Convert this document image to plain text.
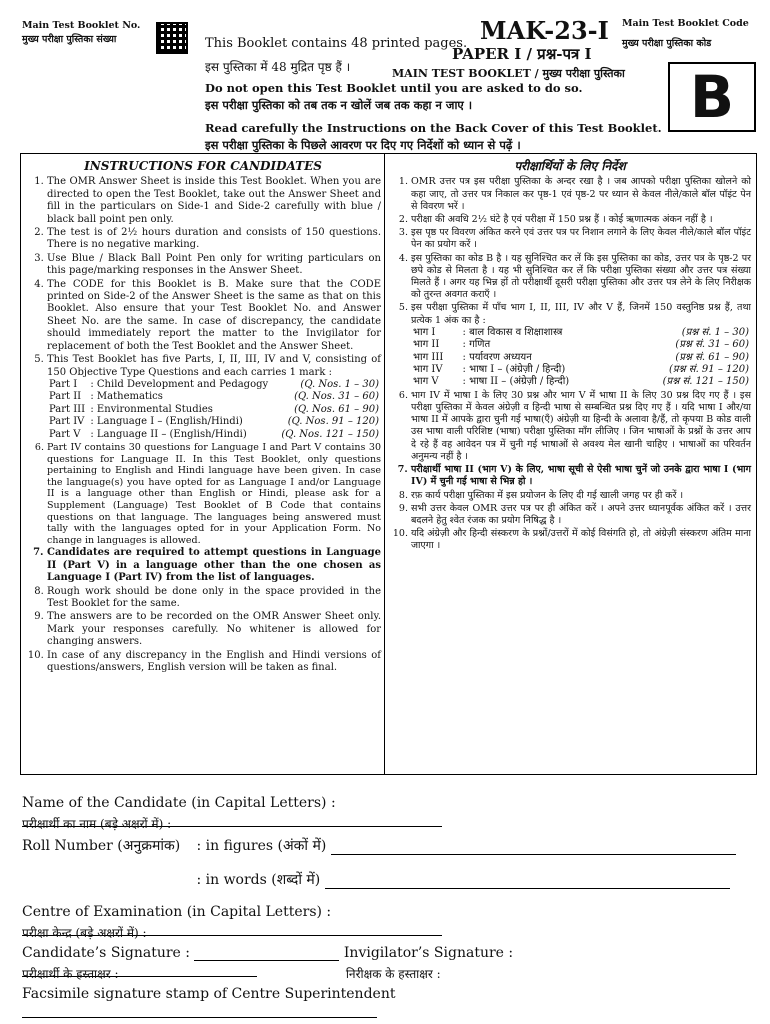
Main Test Booklet No.
मुख्य परीक्षा पुस्तिका संख्या	This Booklet contains 48 printed pages.
इस पुस्तिका में 48 मुद्रित पृष्ठ हैं ।
MAK-23-I
PAPER I / प्रश्न-पत्र I
MAIN TEST BOOKLET / मुख्य परीक्षा पुस्तिका
Main Test Booklet Code
मुख्य परीक्षा पुस्तिका कोड
B
Do not open this Test Booklet until you are asked to do so.
इस परीक्षा पुस्तिका को तब तक न खोलें जब तक कहा न जाए ।
Read carefully the Instructions on the Back Cover of this Test Booklet.
इस परीक्षा पुस्तिका के पिछले आवरण पर दिए गए निर्देशों को ध्यान से पढ़ें ।
INSTRUCTIONS FOR CANDIDATES
1. The OMR Answer Sheet is inside this Test Booklet. When you are directed to open the Test Booklet, take out the Answer Sheet and fill in the particulars on Side-1 and Side-2 carefully with blue / black ball point pen only.
2. The test is of 2½ hours duration and consists of 150 questions. There is no negative marking.
3. Use Blue / Black Ball Point Pen only for writing particulars on this page/marking responses in the Answer Sheet.
4. The CODE for this Booklet is B. Make sure that the CODE printed on Side-2 of the Answer Sheet is the same as that on this Booklet. Also ensure that your Test Booklet No. and Answer Sheet No. are the same. In case of discrepancy, the candidate should immediately report the matter to the Invigilator for replacement of both the Test Booklet and the Answer Sheet.
5. This Test Booklet has five Parts, I, II, III, IV and V, consisting of 150 Objective Type Questions and each carries 1 mark :
Part I	: Child Development and Pedagogy	(Q. Nos. 1 – 30)
Part II	: Mathematics	(Q. Nos. 31 – 60)
Part III	: Environmental Studies	(Q. Nos. 61 – 90)
Part IV	: Language I – (English/Hindi)	(Q. Nos. 91 – 120)
Part V	: Language II – (English/Hindi)	(Q. Nos. 121 – 150)
6. Part IV contains 30 questions for Language I and Part V contains 30 questions for Language II. In this Test Booklet, only questions pertaining to English and Hindi language have been given. In case the language(s) you have opted for as Language I and/or Language II is a language other than English or Hindi, please ask for a Supplement (Language) Test Booklet of B Code that contains questions on that language. The languages being answered must tally with the languages opted for in your Application Form. No change in languages is allowed.
7. Candidates are required to attempt questions in Language II (Part V) in a language other than the one chosen as Language I (Part IV) from the list of languages.
8. Rough work should be done only in the space provided in the Test Booklet for the same.
9. The answers are to be recorded on the OMR Answer Sheet only. Mark your responses carefully. No whitener is allowed for changing answers.
10. In case of any discrepancy in the English and Hindi versions of questions/answers, English version will be taken as final.
परीक्षार्थियों के लिए निर्देश
1. OMR उत्तर पत्र इस परीक्षा पुस्तिका के अन्दर रखा है । जब आपको परीक्षा पुस्तिका खोलने को कहा जाए, तो उत्तर पत्र निकाल कर पृष्ठ-1 एवं पृष्ठ-2 पर ध्यान से केवल नीले/काले बॉल पॉइंट पेन से विवरण भरें ।
2. परीक्षा की अवधि 2½ घंटे है एवं परीक्षा में 150 प्रश्न हैं । कोई ऋणात्मक अंकन नहीं है ।
3. इस पृष्ठ पर विवरण अंकित करने एवं उत्तर पत्र पर निशान लगाने के लिए केवल नीले/काले बॉल पॉइंट पेन का प्रयोग करें ।
4. इस पुस्तिका का कोड B है । यह सुनिश्चित कर लें कि इस पुस्तिका का कोड, उत्तर पत्र के पृष्ठ-2 पर छपे कोड से मिलता है । यह भी सुनिश्चित कर लें कि परीक्षा पुस्तिका संख्या और उत्तर पत्र संख्या मिलते हैं । अगर यह भिन्न हों तो परीक्षार्थी दूसरी परीक्षा पुस्तिका और उत्तर पत्र लेने के लिए निरीक्षक को तुरन्त अवगत कराएँ ।
5. इस परीक्षा पुस्तिका में पाँच भाग I, II, III, IV और V हैं, जिनमें 150 वस्तुनिष्ठ प्रश्न हैं, तथा प्रत्येक 1 अंक का है :
भाग I	: बाल विकास व शिक्षाशास्त्र	(प्रश्न सं. 1 – 30)
भाग II	: गणित	(प्रश्न सं. 31 – 60)
भाग III	: पर्यावरण अध्ययन	(प्रश्न सं. 61 – 90)
भाग IV	: भाषा I – (अंग्रेज़ी / हिन्दी)	(प्रश्न सं. 91 – 120)
भाग V	: भाषा II – (अंग्रेज़ी / हिन्दी)	(प्रश्न सं. 121 – 150)
6. भाग IV में भाषा I के लिए 30 प्रश्न और भाग V में भाषा II के लिए 30 प्रश्न दिए गए हैं । इस परीक्षा पुस्तिका में केवल अंग्रेज़ी व हिन्दी भाषा से सम्बन्धित प्रश्न दिए गए हैं । यदि भाषा I और/या भाषा II में आपके द्वारा चुनी गई भाषा(एँ) अंग्रेज़ी या हिन्दी के अलावा है/हैं, तो कृपया B कोड वाली उस भाषा वाली परिशिष्ट (भाषा) परीक्षा पुस्तिका माँग लीजिए । जिन भाषाओं के प्रश्नों के उत्तर आप दे रहे हैं वह आवेदन पत्र में चुनी गई भाषाओं से अवश्य मेल खानी चाहिए । भाषाओं का परिवर्तन अनुमन्य नहीं है ।
7. परीक्षार्थी भाषा II (भाग V) के लिए, भाषा सूची से ऐसी भाषा चुनें जो उनके द्वारा भाषा I (भाग IV) में चुनी गई भाषा से भिन्न हो ।
8. रफ़ कार्य परीक्षा पुस्तिका में इस प्रयोजन के लिए दी गई खाली जगह पर ही करें ।
9. सभी उत्तर केवल OMR उत्तर पत्र पर ही अंकित करें । अपने उत्तर ध्यानपूर्वक अंकित करें । उत्तर बदलने हेतु श्वेत रंजक का प्रयोग निषिद्ध है ।
10. यदि अंग्रेज़ी और हिन्दी संस्करण के प्रश्नों/उत्तरों में कोई विसंगति हो, तो अंग्रेज़ी संस्करण अंतिम माना जाएगा ।
Name of the Candidate (in Capital Letters) :
परीक्षार्थी का नाम (बड़े अक्षरों में) :
Roll Number (अनुक्रमांक) : in figures (अंकों में)
: in words (शब्दों में)
Centre of Examination (in Capital Letters) :
परीक्षा केन्द्र (बड़े अक्षरों में) :
Candidate’s Signature :	Invigilator’s Signature :
परीक्षार्थी के हस्ताक्षर :	निरीक्षक के हस्ताक्षर :
Facsimile signature stamp of Centre Superintendent
